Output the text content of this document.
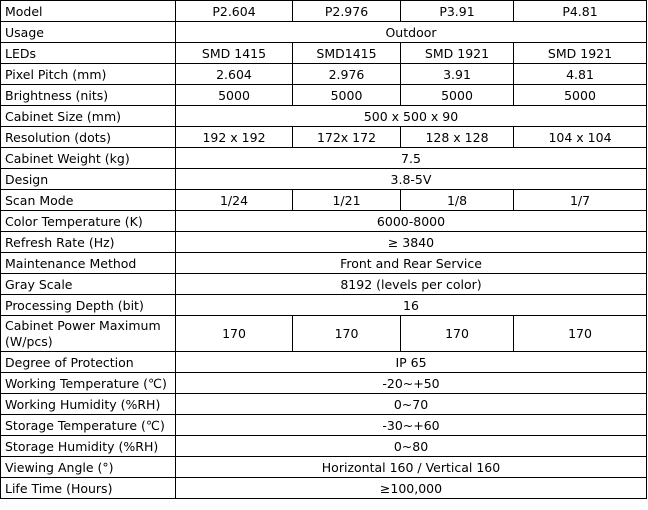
Model	P2.604	P2.976	P3.91	P4.81
Usage	Outdoor			
LEDs	SMD 1415	SMD1415	SMD 1921	SMD 1921
Pixel Pitch (mm)	2.604	2.976	3.91	4.81
Brightness (nits)	5000	5000	5000	5000
Cabinet Size (mm)	500 x 500 x 90			
Resolution (dots)	192 x 192	172x 172	128 x 128	104 x 104
Cabinet Weight (kg)	7.5			
Design	3.8-5V			
Scan Mode	1/24	1/21	1/8	1/7
Color Temperature (K)	6000-8000			
Refresh Rate (Hz)	≥ 3840			
Maintenance Method	Front and Rear Service			
Gray Scale	8192 (levels per color)			
Processing Depth (bit)	16			
Cabinet Power Maximum (W/pcs)	170	170	170	170
Degree of Protection	IP 65			
Working Temperature (℃)	-20~+50			
Working Humidity (%RH)	0~70			
Storage Temperature (℃)	-30~+60			
Storage Humidity (%RH)	0~80			
Viewing Angle (°)	Horizontal 160 / Vertical 160			
Life Time (Hours)	≥100,000			
